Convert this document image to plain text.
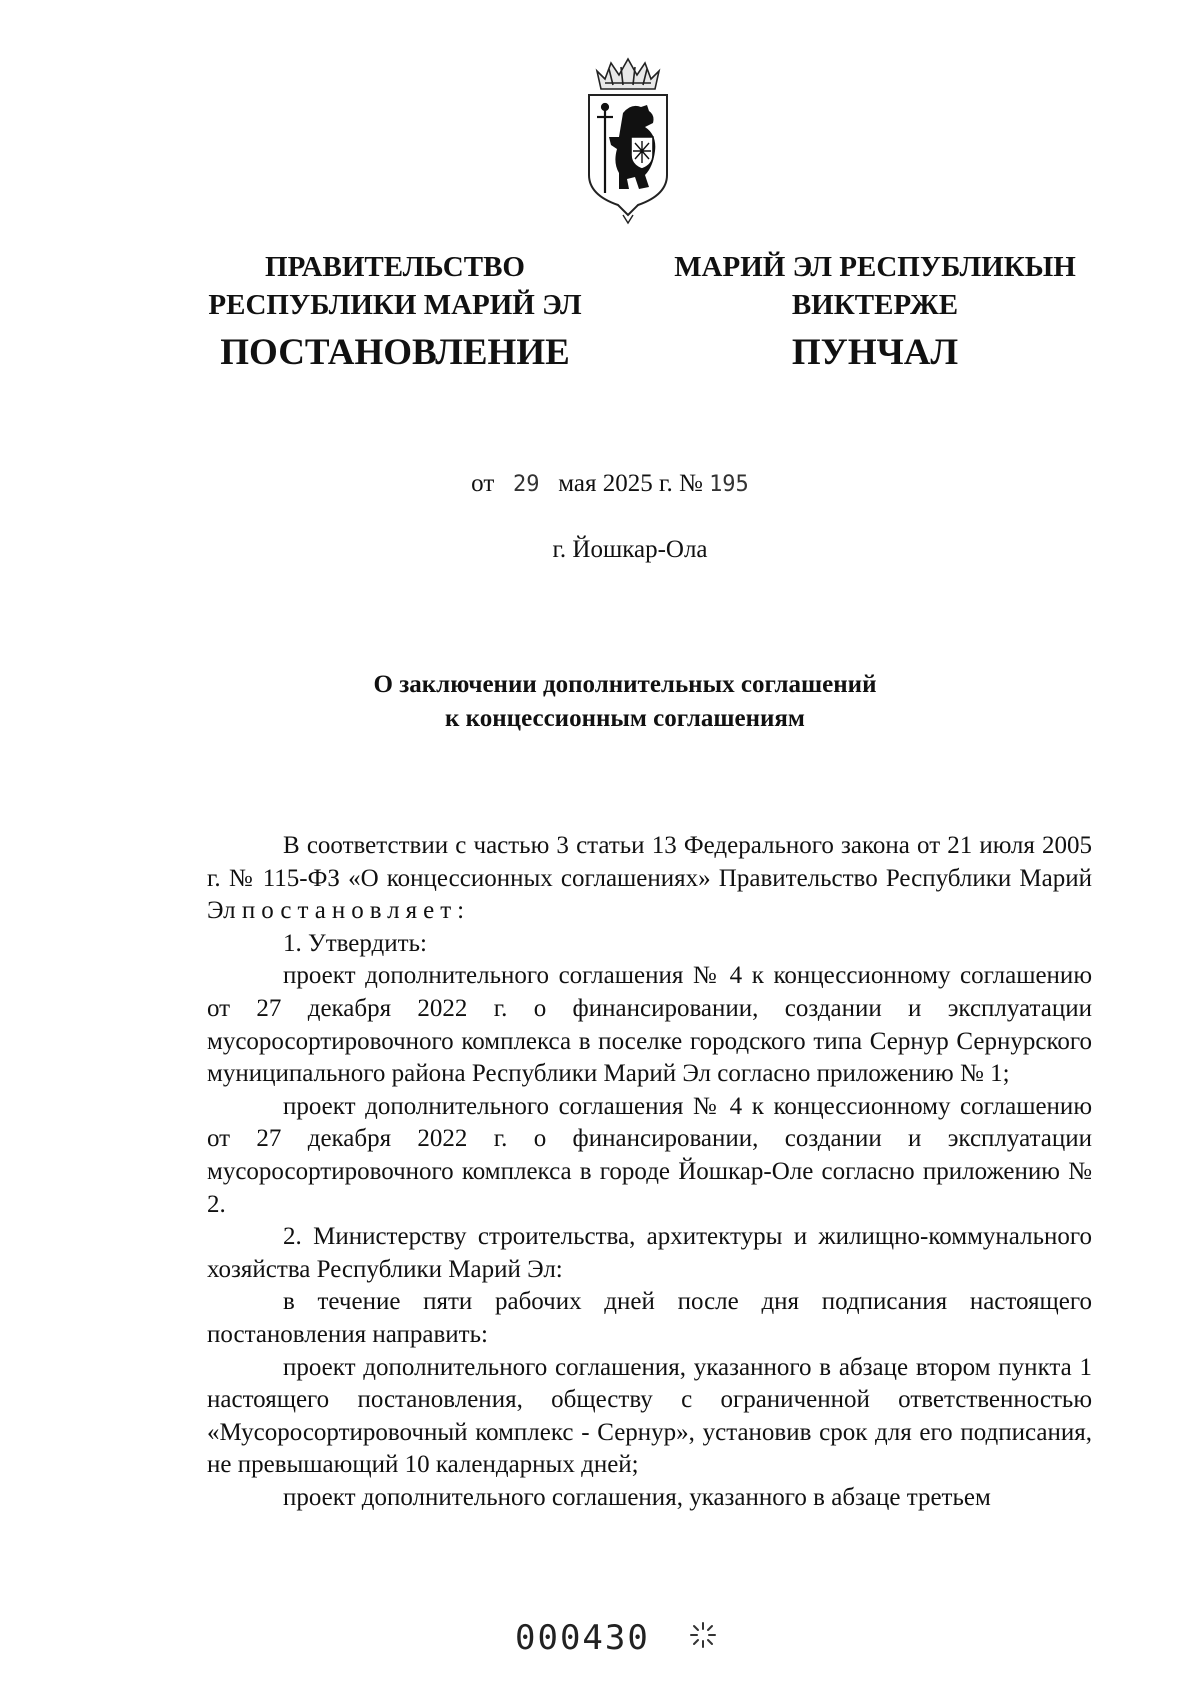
ПРАВИТЕЛЬСТВО
РЕСПУБЛИКИ МАРИЙ ЭЛ
ПОСТАНОВЛЕНИЕ
МАРИЙ ЭЛ РЕСПУБЛИКЫН
ВИКТЕРЖЕ
ПУНЧАЛ
от 29 мая 2025 г. № 195
г. Йошкар-Ола
О заключении дополнительных соглашений
к концессионным соглашениям

В соответствии с частью 3 статьи 13 Федерального закона от 21 июля 2005 г. № 115-ФЗ «О концессионных соглашениях» Правительство Республики Марий Эл постановляет:

1. Утвердить:

проект дополнительного соглашения № 4 к концессионному соглашению от 27 декабря 2022 г. о финансировании, создании и эксплуатации мусоросортировочного комплекса в поселке городского типа Сернур Сернурского муниципального района Республики Марий Эл согласно приложению № 1;

проект дополнительного соглашения № 4 к концессионному соглашению от 27 декабря 2022 г. о финансировании, создании и эксплуатации мусоросортировочного комплекса в городе Йошкар-Оле согласно приложению № 2.

2. Министерству строительства, архитектуры и жилищно-коммунального хозяйства Республики Марий Эл:

в течение пяти рабочих дней после дня подписания настоящего постановления направить:

проект дополнительного соглашения, указанного в абзаце втором пункта 1 настоящего постановления, обществу с ограниченной ответственностью «Мусоросортировочный комплекс - Сернур», установив срок для его подписания, не превышающий 10 календарных дней;

проект дополнительного соглашения, указанного в абзаце третьем

000430
